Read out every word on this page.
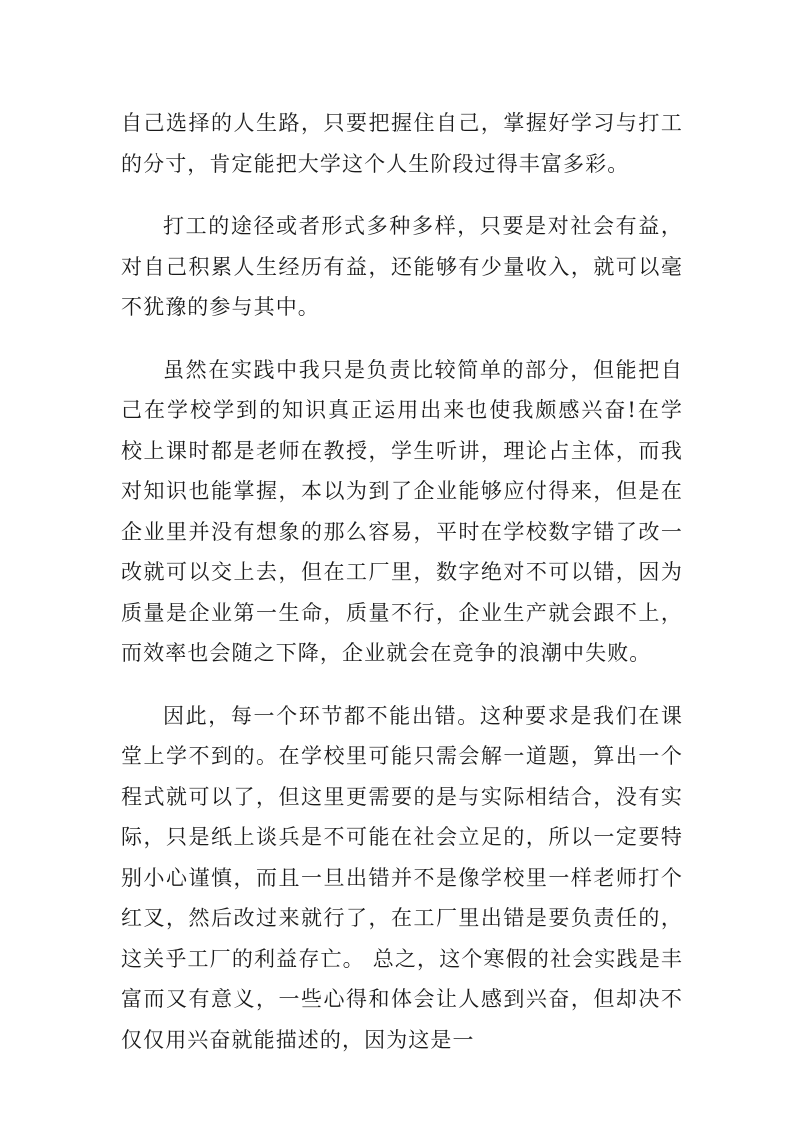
自己选择的人生路，只要把握住自己，掌握好学习与打工的分寸，肯定能把大学这个人生阶段过得丰富多彩。

打工的途径或者形式多种多样，只要是对社会有益，对自己积累人生经历有益，还能够有少量收入，就可以毫不犹豫的参与其中。

虽然在实践中我只是负责比较简单的部分，但能把自己在学校学到的知识真正运用出来也使我颇感兴奋!在学校上课时都是老师在教授，学生听讲，理论占主体，而我对知识也能掌握，本以为到了企业能够应付得来，但是在企业里并没有想象的那么容易，平时在学校数字错了改一改就可以交上去，但在工厂里，数字绝对不可以错，因为质量是企业第一生命，质量不行，企业生产就会跟不上，而效率也会随之下降，企业就会在竞争的浪潮中失败。

因此，每一个环节都不能出错。这种要求是我们在课堂上学不到的。在学校里可能只需会解一道题，算出一个程式就可以了，但这里更需要的是与实际相结合，没有实际，只是纸上谈兵是不可能在社会立足的，所以一定要特别小心谨慎，而且一旦出错并不是像学校里一样老师打个红叉，然后改过来就行了，在工厂里出错是要负责任的，这关乎工厂的利益存亡。 总之，这个寒假的社会实践是丰富而又有意义，一些心得和体会让人感到兴奋，但却决不仅仅用兴奋就能描述的，因为这是一
